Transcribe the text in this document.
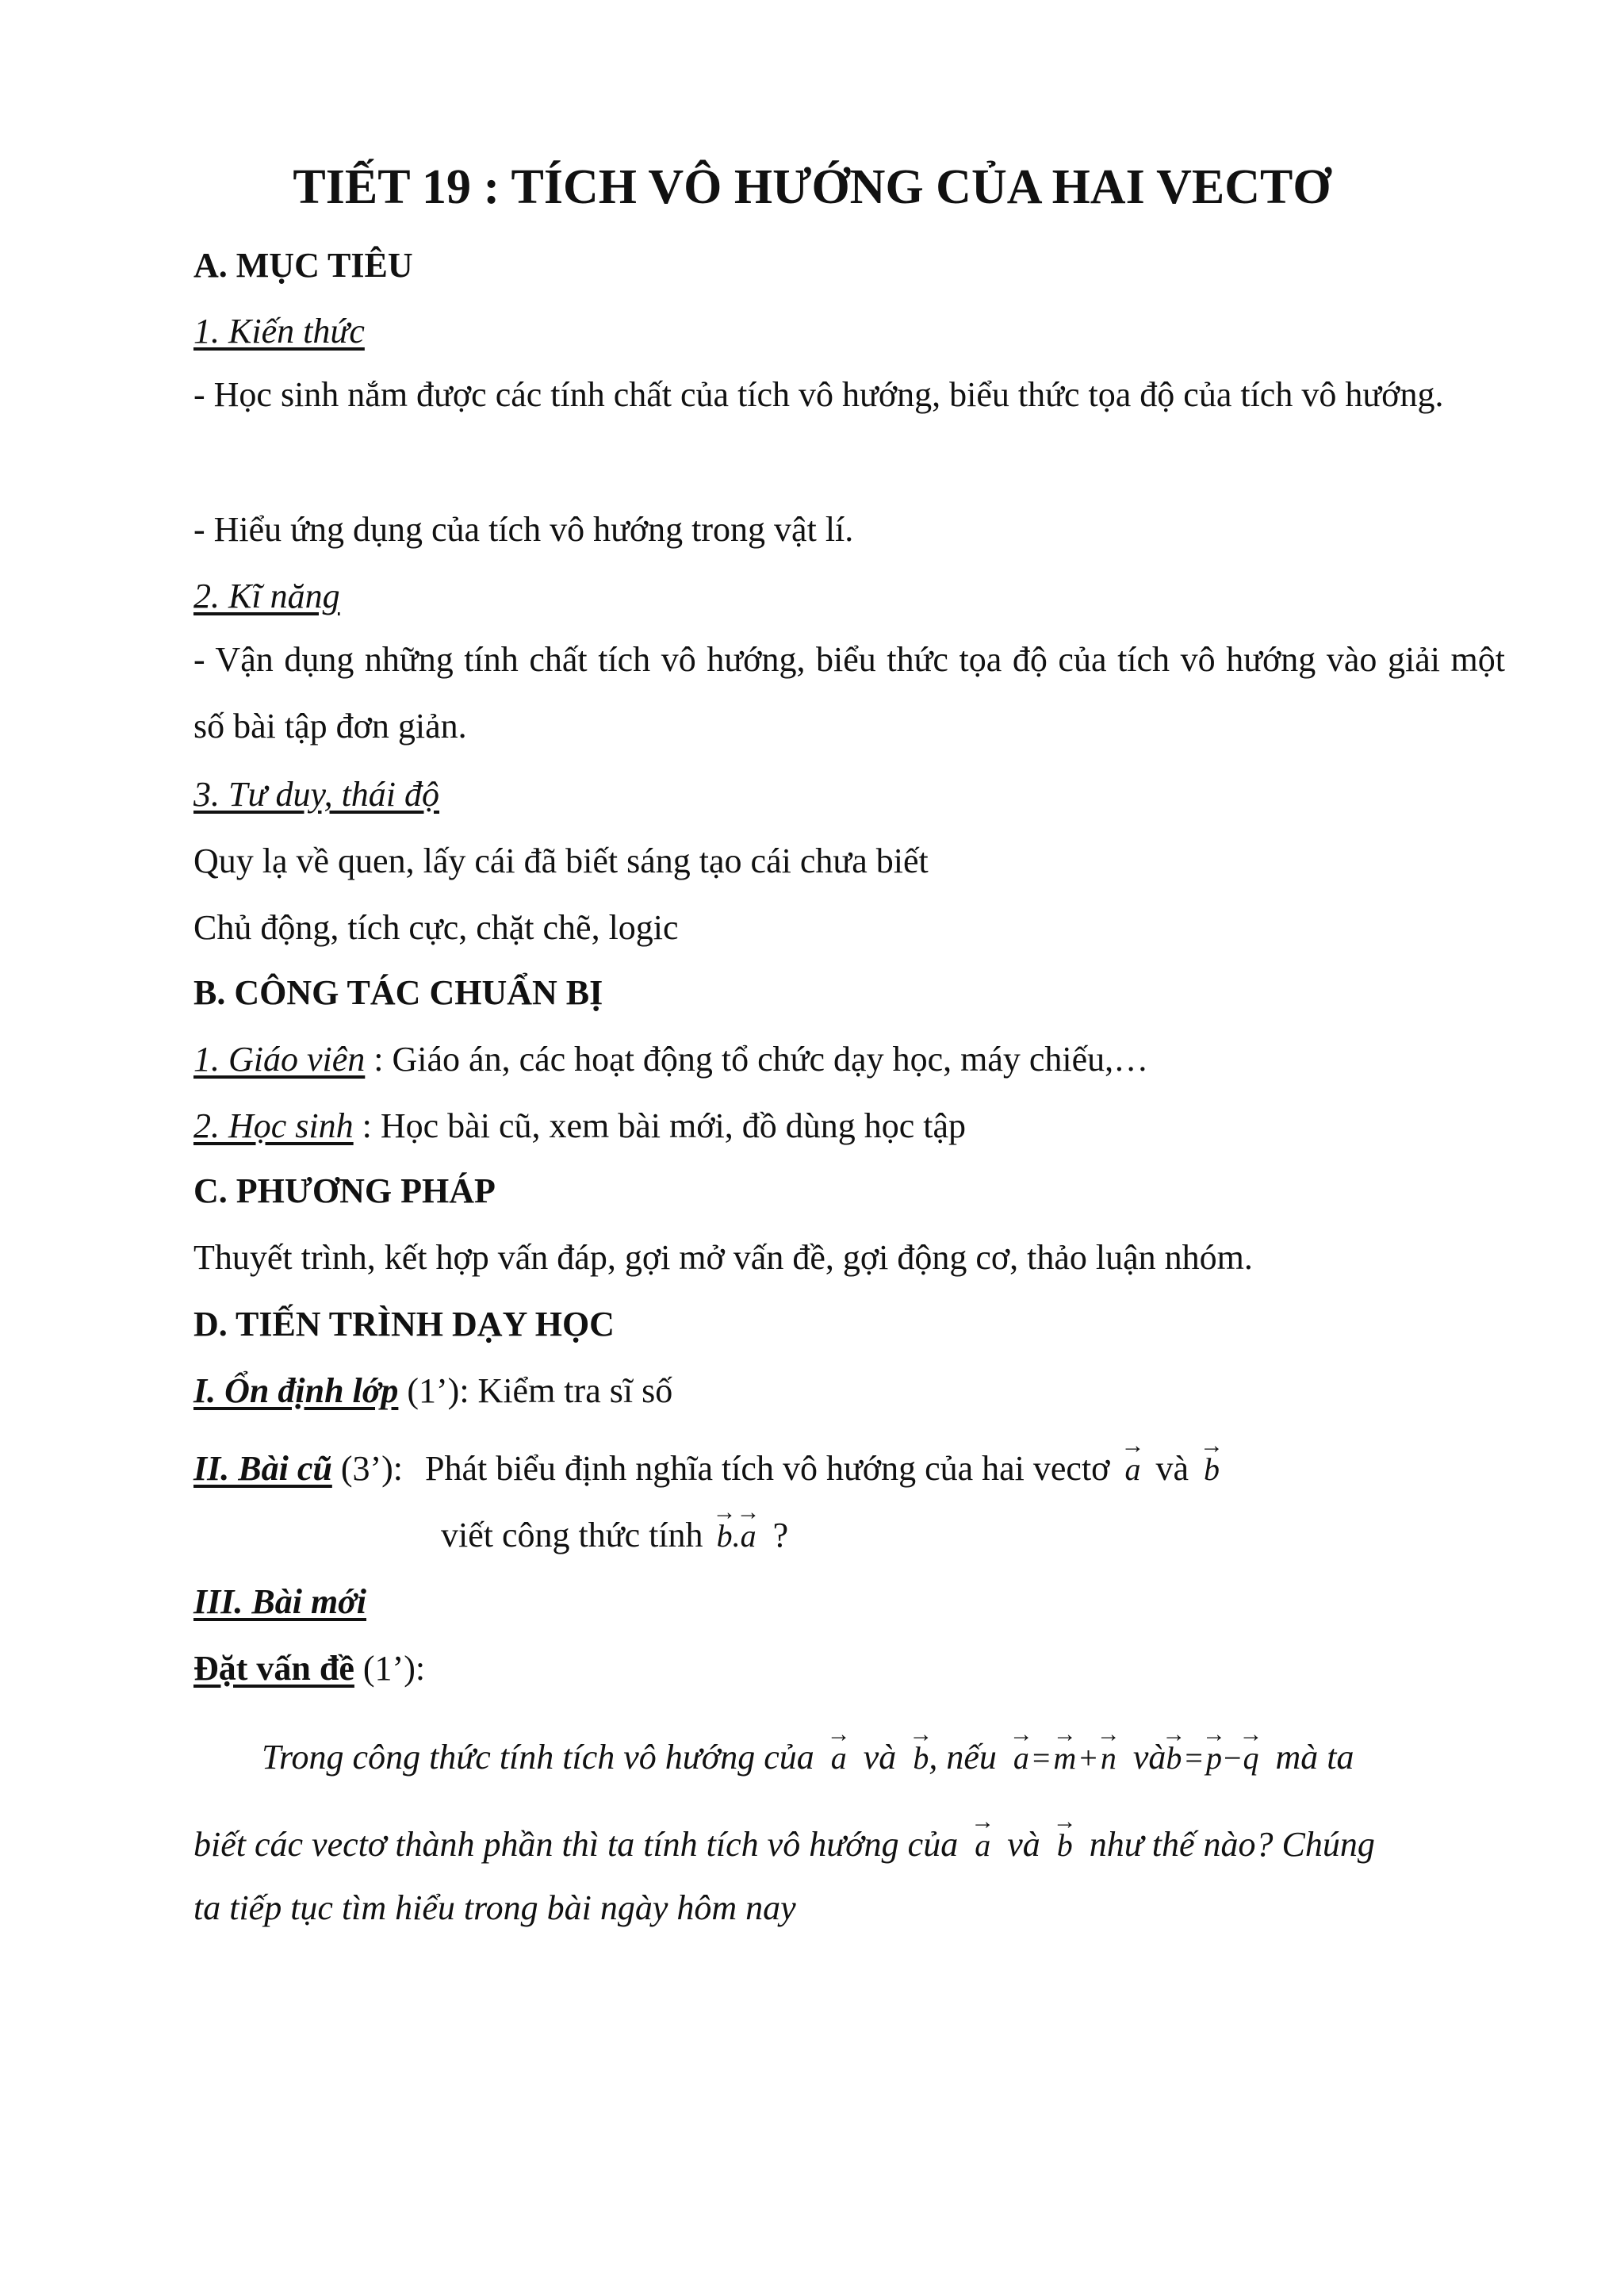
TIẾT 19 : TÍCH VÔ HƯỚNG CỦA HAI VECTƠ
A. MỤC TIÊU
1. Kiến thức
- Học sinh nắm được các tính chất của tích vô hướng, biểu thức tọa độ của tích vô hướng.
- Hiểu ứng dụng của tích vô hướng trong vật lí.
2. Kĩ năng
- Vận dụng những tính chất tích vô hướng, biểu thức tọa độ của tích vô hướng vào giải một số bài tập đơn giản.
3. Tư duy, thái độ
Quy lạ về quen, lấy cái đã biết sáng tạo cái chưa biết
Chủ động, tích cực, chặt chẽ, logic
B. CÔNG TÁC CHUẨN BỊ
1. Giáo viên : Giáo án, các hoạt động tổ chức dạy học, máy chiếu,…
2. Học sinh : Học bài cũ, xem bài mới, đồ dùng học tập
C. PHƯƠNG PHÁP
Thuyết trình, kết hợp vấn đáp, gợi mở vấn đề, gợi động cơ, thảo luận nhóm.
D. TIẾN TRÌNH DẠY HỌC
I. Ổn định lớp (1’): Kiểm tra sĩ số
II. Bài cũ (3’): Phát biểu định nghĩa tích vô hướng của hai vectơ → a và → b
viết công thức tính → b.→ a ?
III. Bài mới
Đặt vấn đề (1’):
Trong công thức tính tích vô hướng của → a và → b, nếu → a = → m + → n và→ b = → p−→ q mà ta
biết các vectơ thành phần thì ta tính tích vô hướng của → a và → b như thế nào? Chúng
ta tiếp tục tìm hiểu trong bài ngày hôm nay
